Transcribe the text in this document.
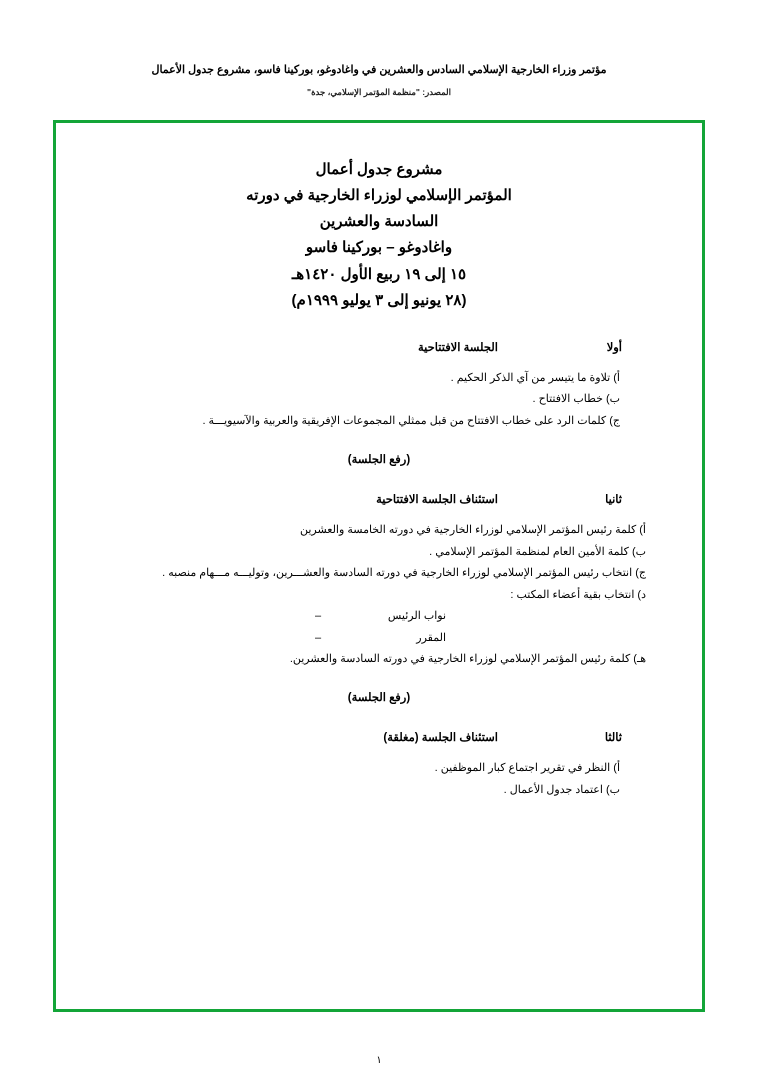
مؤتمر وزراء الخارجية الإسلامي السادس والعشرين في واغادوغو، بوركينا فاسو، مشروع جدول الأعمال
المصدر: "منظمة المؤتمر الإسلامي، جدة"
مشروع جدول أعمال
المؤتمر الإسلامي لوزراء الخارجية في دورته
السادسة والعشرين
واغادوغو – بوركينا فاسو
١٥ إلى ١٩ ربيع الأول ١٤٢٠هـ
(٢٨ يونيو إلى ٣ يوليو ١٩٩٩م)
أولا
الجلسة الافتتاحية
أ) تلاوة ما يتيسر من آي الذكر الحكيم .
ب) خطاب الافتتاح .
ج) كلمات الرد على خطاب الافتتاح من قبل ممثلي المجموعات الإفريقية والعربية والآسيويـــة .
(رفع الجلسة)
ثانيا
استئناف الجلسة الافتتاحية
أ) كلمة رئيس المؤتمر الإسلامي لوزراء الخارجية في دورته الخامسة والعشرين
ب) كلمة الأمين العام لمنظمة المؤتمر الإسلامي .
ج) انتخاب رئيس المؤتمر الإسلامي لوزراء الخارجية في دورته السادسة والعشـــرين، وتوليـــه مـــهام منصبه .
د) انتخاب بقية أعضاء المكتب :
نواب الرئيس
–
المقرر
–
هـ) كلمة رئيس المؤتمر الإسلامي لوزراء الخارجية في دورته السادسة والعشرين.
(رفع الجلسة)
ثالثا
استئناف الجلسة (مغلقة)
أ) النظر في تقرير اجتماع كبار الموظفين .
ب) اعتماد جدول الأعمال .
١
